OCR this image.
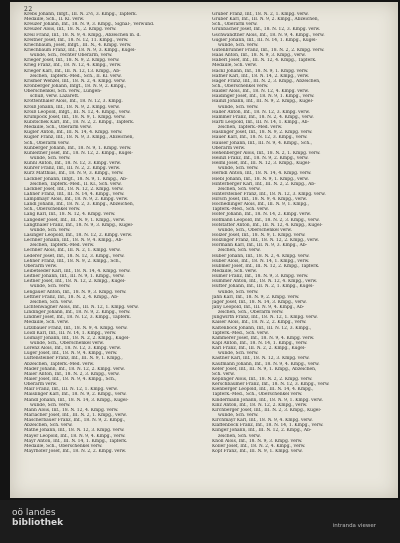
22
Krebs Johann, Infgt., III. N. 2½, 3. Kmpg., Tapferk.
Medaille, Sch., II. Kl. verw.
Kreuzer Johann, Inf., 18. N. 9, 3. Kmpg., Signal-, Verwund.
Kreuzer Alois, Inf., 18. N., 2. Kmpg. verw.
Kreil Franz, Inf., 18. N. 9, 4. Kmpg., Abzeichen m. d.
Kreitner Josef, Inf., 18. N. 12, 11. Kmpg., verw.
Kriechbaum, Josef, Infgt., III. N., 4. Kmpg. verw.
Kriechbaum Franz, Inf., 18. N. 9, 3. Kmpg., Kugel-
wunde, Sch., rechter Oberarm, verw.
Krieger Josef, Inf., 18. N. 9, 2. Kmpg. verw.
Krieg Franz, Inf., 18. N. 12, 4. Kmpg., verw.
Krieger Karl, Inf., III. N. 12, 13. Kmpg., Ab-
zeichen, Tapferk.-Med., Sch., II. Kl. verw.
Krismer Wenzel, Inf., 18. N. 2, 4. Kmpg. verw.
Kronberger Johann, Infgt., 18. N. 9, 2. Kmpg.,
Oberschenkel, Sch. verw., Lungen-
schuß, verw. Lazarett.
Krottenthaler Alois, Inf., 18. N. 12, 3. Kmpg.
Kroiß Johann, Inf., 18. N. 9, 2. Kmpg. verw.
Kroiß Leopold, Infgt., III. N. 12, 4. Kmpg., verw.
Krumpöck Josef, Inf., 18. N. 9, 1. Kmpg. verw.
Kubitschek Karl, Inf., 18. N. 2, 2. Kmpg., Tapferk.
Medaille, Sch., Oberarm verw.
Kugler Anton, Inf., III. N. 14, 4. Kmpg. verw.
Kugler Franz, Inf., 18. N. 9, 3. Kmpg., Abzeichen,
Sch., Oberarm verw.
Kühberger Johann, Inf., 18. N. 9, 1. Kmpg. verw.
Kühleitner Josef, Inf., 18. N. 12, 2. Kmpg., Kugel-
wunde, Sch. verw.
Kühnl Anton, Inf., 18. N. 12, 3. Kmpg. verw.
Kührer Franz, Inf., III. N. 2, 2. Kmpg. verw.
Kurz Matthias, Inf., 18. N. 9, 3. Kmpg., verw.
Lackner Johann, Infgt., 18. N. 9, 1. Kmpg., Ab-
zeichen, Tapferk.-Med., II. Kl., Sch. verw.
Lackner Josef, Inf., 18. N. 12, 2. Kmpg. verw.
Lahner Franz, Inf., III. N. 14, 4. Kmpg., verw.
Lamplmayr Alois, Inf., 18. N. 9, 2. Kmpg. verw.
Landl Johann, Inf., 18. N. 2, 3. Kmpg., Abzeichen,
Sch., Oberschenkel verw.
Lang Karl, Inf., 18. N. 12, 4. Kmpg. verw.
Langeder Josef, Inf., III. N. 9, 1. Kmpg., verw.
Langthaler Franz, Inf., 18. N. 9, 3. Kmpg., Kugel-
wunde, Sch. verw.
Lasinger Leopold, Inf., 18. N. 12, 2. Kmpg. verw.
Lechner Johann, Inf., 18. N. 9, 4. Kmpg., Ab-
zeichen, Tapferk.-Med. verw.
Lechner Alois, Inf., III. N. 2, 1. Kmpg. verw.
Lederer Josef, Inf., 18. N. 12, 3. Kmpg., verw.
Lehner Franz, Inf., 18. N. 9, 2. Kmpg., Sch.,
Oberarm verw.
Leibetseder Karl, Inf., 18. N. 14, 4. Kmpg. verw.
Leitner Johann, Inf., III. N. 9, 1. Kmpg., verw.
Leitner Josef, Inf., 18. N. 12, 2. Kmpg., Kugel-
wunde, Sch. verw.
Lengauer Anton, Inf., 18. N. 9, 3. Kmpg. verw.
Lettner Franz, Inf., 18. N. 2, 4. Kmpg., Ab-
zeichen, Sch. verw.
Lichtenwagner Alois, Inf., III. N. 12, 1. Kmpg. verw.
Lindinger Johann, Inf., 18. N. 9, 2. Kmpg., verw.
Lindner Josef, Inf., 18. N. 12, 3. Kmpg., Tapferk.
Medaille, Sch. verw.
Litzlbauer Franz, Inf., 18. N. 9, 4. Kmpg. verw.
Loidl Karl, Inf., III. N. 14, 1. Kmpg., verw.
Loimayr Johann, Inf., 18. N. 2, 2. Kmpg., Kugel-
wunde, Sch., Oberschenkel verw.
Lorenz Alois, Inf., 18. N. 12, 3. Kmpg. verw.
Luger Josef, Inf., 18. N. 9, 4. Kmpg., verw.
Luftensteiner Franz, Inf., III. N. 9, 1. Kmpg.,
Abzeichen, Tapferk.-Med. verw.
Mader Johann, Inf., 18. N. 12, 2. Kmpg. verw.
Maier Anton, Inf., 18. N. 2, 3. Kmpg., verw.
Maier Josef, Inf., 18. N. 9, 4. Kmpg., Sch.,
Oberarm verw.
Mair Franz, Inf., III. N. 12, 1. Kmpg. verw.
Maislinger Karl, Inf., 18. N. 9, 2. Kmpg., verw.
Mandl Johann, Inf., 18. N. 14, 3. Kmpg., Kugel-
wunde, Sch. verw.
Mann Alois, Inf., 18. N. 12, 4. Kmpg. verw.
Mariacher Josef, Inf., III. N. 2, 1. Kmpg., verw.
Mascherbauer Franz, Inf., 18. N. 9, 2. Kmpg.,
Abzeichen, Sch. verw.
Mathe Johann, Inf., 18. N. 12, 3. Kmpg. verw.
Mayer Leopold, Inf., 18. N. 9, 4. Kmpg., verw.
Mayr Anton, Inf., III. N. 14, 1. Kmpg., Tapferk.
Medaille, Sch., Oberschenkel verw.
Mayrhofer Josef, Inf., 18. N. 2, 2. Kmpg. verw.
Gruber Franz, Inf., 18. N. 2, 1. Kmpg. verw.
Gruber Karl, Inf., III. N. 9, 2. Kmpg., Abzeichen,
Sch., Oberarm verw.
Grünbacher Josef, Inf., 18. N. 12, 3. Kmpg. verw.
Gschwandtner Alois, Inf., 18. N. 9, 4. Kmpg., verw.
Gugler Johann, Inf., III. N. 14, 1. Kmpg., Kugel-
wunde, Sch. verw.
Gutenbrunner Franz, Inf., 18. N. 2, 2. Kmpg. verw.
Haas Anton, Inf., 18. N. 9, 3. Kmpg., verw.
Haberl Josef, Inf., III. N. 12, 4. Kmpg., Tapferk.
Medaille, Sch. verw.
Hackl Johann, Inf., 18. N. 9, 1. Kmpg. verw.
Hafner Karl, Inf., 18. N. 14, 2. Kmpg., verw.
Hager Franz, Inf., III. N. 2, 3. Kmpg., Abzeichen,
Sch., Oberschenkel verw.
Haider Alois, Inf., 18. N. 12, 4. Kmpg. verw.
Haidinger Josef, Inf., 18. N. 9, 1. Kmpg., verw.
Hainzl Johann, Inf., III. N. 9, 2. Kmpg., Kugel-
wunde, Sch. verw.
Haller Anton, Inf., 18. N. 12, 3. Kmpg. verw.
Hammer Franz, Inf., 18. N. 2, 4. Kmpg., verw.
Hartl Leopold, Inf., III. N. 14, 1. Kmpg., Ab-
zeichen, Tapferk.-Med. verw.
Haslinger Josef, Inf., 18. N. 9, 2. Kmpg. verw.
Hauer Karl, Inf., 18. N. 12, 3. Kmpg., verw.
Hauser Johann, Inf., III. N. 9, 4. Kmpg., Sch.,
Oberarm verw.
Hehenberger Alois, Inf., 18. N. 2, 1. Kmpg. verw.
Heinzl Franz, Inf., 18. N. 9, 2. Kmpg., verw.
Helml Josef, Inf., III. N. 12, 3. Kmpg., Kugel-
wunde, Sch. verw.
Herndl Anton, Inf., 18. N. 14, 4. Kmpg. verw.
Hiebl Johann, Inf., 18. N. 9, 1. Kmpg., verw.
Hinterberger Karl, Inf., III. N. 2, 2. Kmpg., Ab-
zeichen, Sch. verw.
Hintersteiner Franz, Inf., 18. N. 12, 3. Kmpg. verw.
Hirsch Josef, Inf., 18. N. 9, 4. Kmpg., verw.
Hochedlinger Alois, Inf., III. N. 9, 1. Kmpg.,
Tapferk.-Med., Sch. verw.
Hofer Johann, Inf., 18. N. 14, 2. Kmpg. verw.
Hofmann Leopold, Inf., 18. N. 2, 3. Kmpg., verw.
Hofstätter Anton, Inf., III. N. 12, 4. Kmpg., Kugel-
wunde, Sch., Oberschenkel verw.
Holzer Josef, Inf., 18. N. 9, 1. Kmpg. verw.
Holzinger Franz, Inf., 18. N. 12, 2. Kmpg., verw.
Hörmann Karl, Inf., III. N. 9, 3. Kmpg., Ab-
zeichen, Sch. verw.
Huber Johann, Inf., 18. N. 2, 4. Kmpg. verw.
Huber Alois, Inf., 18. N. 14, 1. Kmpg., verw.
Hubmer Josef, Inf., III. N. 12, 2. Kmpg., Tapferk.
Medaille, Sch. verw.
Humer Franz, Inf., 18. N. 9, 3. Kmpg. verw.
Hummer Anton, Inf., 18. N. 12, 4. Kmpg., verw.
Hütter Johann, Inf., III. N. 2, 1. Kmpg., Kugel-
wunde, Sch. verw.
Jahn Karl, Inf., 18. N. 9, 2. Kmpg. verw.
Jäger Josef, Inf., 18. N. 14, 3. Kmpg., verw.
Jany Leopold, Inf., III. N. 9, 4. Kmpg., Ab-
zeichen, Sch., Oberarm verw.
Jungwirth Franz, Inf., 18. N. 12, 1. Kmpg. verw.
Kaiser Alois, Inf., 18. N. 2, 2. Kmpg., verw.
Kaltenböck Johann, Inf., III. N. 12, 3. Kmpg.,
Tapferk.-Med., Sch. verw.
Kammerer Josef, Inf., 18. N. 9, 4. Kmpg. verw.
Kapl Anton, Inf., 18. N. 14, 1. Kmpg., verw.
Karl Franz, Inf., III. N. 2, 2. Kmpg., Kugel-
wunde, Sch. verw.
Kastner Karl, Inf., 18. N. 12, 3. Kmpg. verw.
Kaufmann Johann, Inf., 18. N. 9, 4. Kmpg., verw.
Kefer Josef, Inf., III. N. 9, 1. Kmpg., Abzeichen,
Sch. verw.
Keplinger Alois, Inf., 18. N. 2, 2. Kmpg. verw.
Kerschbaumer Franz, Inf., 18. N. 12, 3. Kmpg., verw.
Kienberger Leopold, Inf., III. N. 14, 4. Kmpg.,
Tapferk.-Med., Sch., Oberschenkel verw.
Kindermann Johann, Inf., 18. N. 9, 1. Kmpg. verw.
Kinz Anton, Inf., 18. N. 12, 2. Kmpg., verw.
Kirchberger Josef, Inf., III. N. 2, 3. Kmpg., Kugel-
wunde, Sch. verw.
Kirchmayr Karl, Inf., 18. N. 9, 4. Kmpg. verw.
Klaffenböck Franz, Inf., 18. N. 14, 1. Kmpg., verw.
Klinger Johann, Inf., III. N. 12, 2. Kmpg., Ab-
zeichen, Sch. verw.
Knoll Alois, Inf., 18. N. 9, 3. Kmpg. verw.
Koller Josef, Inf., 18. N. 2, 4. Kmpg., verw.
Kopf Franz, Inf., III. N. 9, 1. Kmpg. verw.
oö landes
bibliothek	intranda viewer
